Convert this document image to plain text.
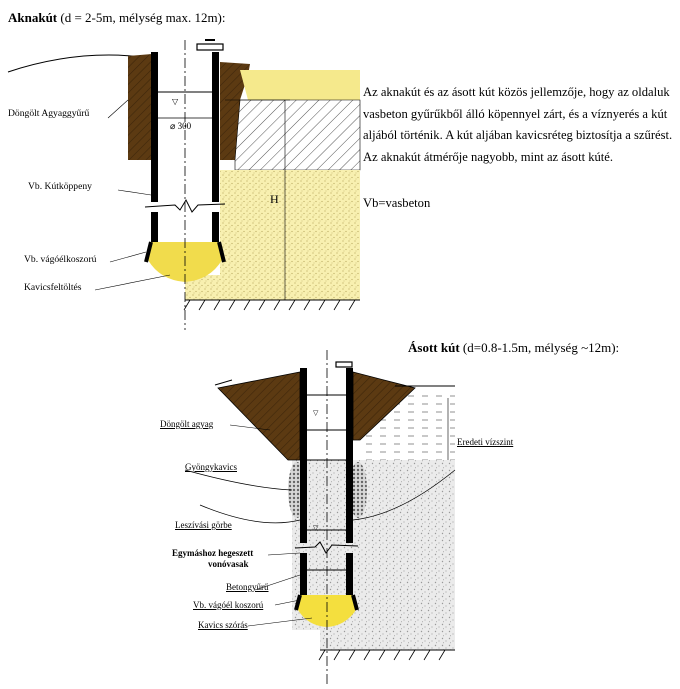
▽
▽
▽
Aknakút (d = 2-5m, mélység max. 12m):
Az aknakút és az ásott kút közös jellemzője, hogy az oldaluk vasbeton gyűrűkből álló köpennyel zárt, és a víznyerés a kút aljából történik. A kút aljában kavicsréteg biztosítja a szűrést. Az aknakút átmérője nagyobb, mint az ásott kúté.
Vb=vasbeton
Döngölt Agyaggyűrű
⌀ 300
Vb. Kútköppeny
H
Vb. vágóélkoszorú
Kavicsfeltöltés
Ásott kút (d=0.8-1.5m, mélység ~12m):
Döngölt agyag
Eredeti vízszint
Gyöngykavics
Leszívási görbe
Egymáshoz hegeszett
vonóvasak
Betongyűrű
Vb. vágóél koszorú
Kavics szórás
